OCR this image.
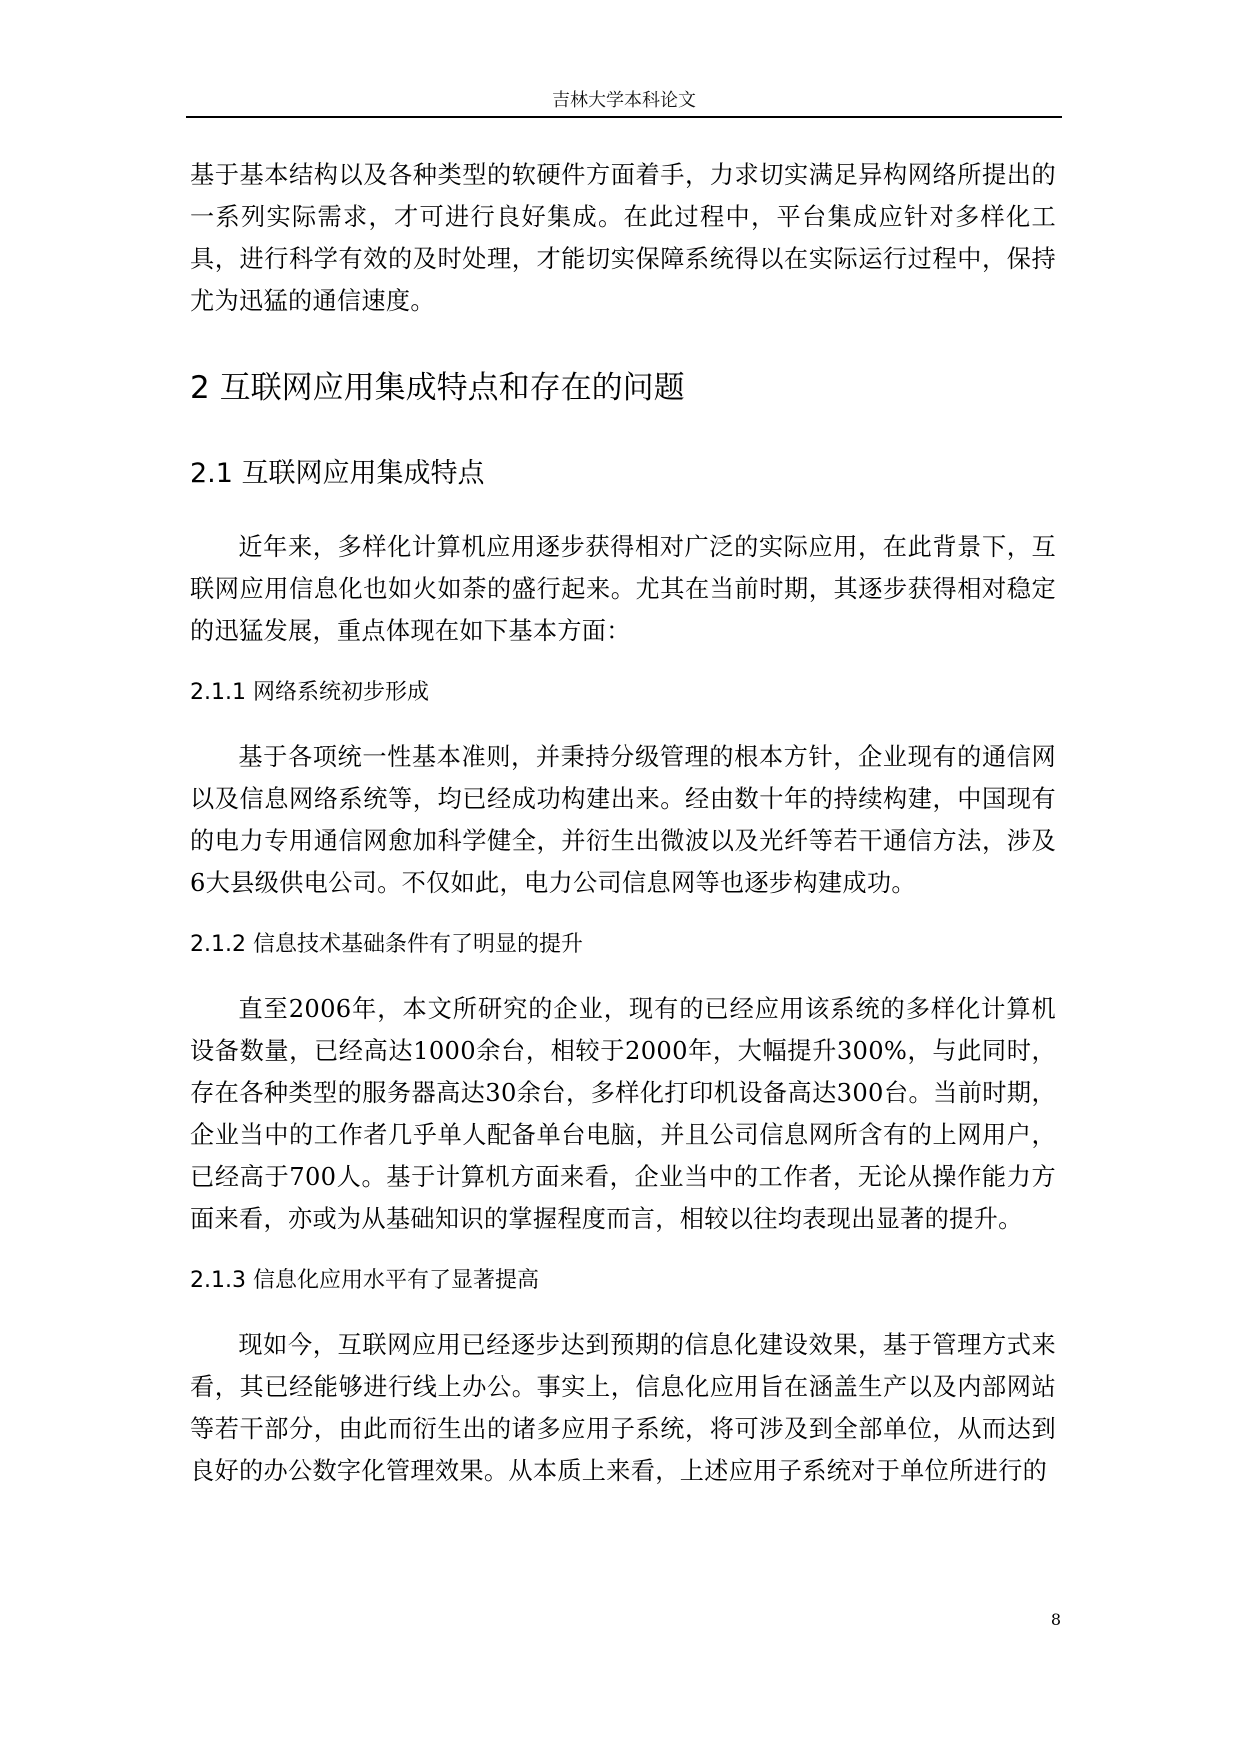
吉林大学本科论文

基于基本结构以及各种类型的软硬件方面着手，力求切实满足异构网络所提出的一系列实际需求，才可进行良好集成。在此过程中，平台集成应针对多样化工具，进行科学有效的及时处理，才能切实保障系统得以在实际运行过程中，保持尤为迅猛的通信速度。

2 互联网应用集成特点和存在的问题
2.1 互联网应用集成特点

近年来，多样化计算机应用逐步获得相对广泛的实际应用，在此背景下，互联网应用信息化也如火如荼的盛行起来。尤其在当前时期，其逐步获得相对稳定的迅猛发展，重点体现在如下基本方面：

2.1.1 网络系统初步形成

基于各项统一性基本准则，并秉持分级管理的根本方针，企业现有的通信网以及信息网络系统等，均已经成功构建出来。经由数十年的持续构建，中国现有的电力专用通信网愈加科学健全，并衍生出微波以及光纤等若干通信方法，涉及6大县级供电公司。不仅如此，电力公司信息网等也逐步构建成功。

2.1.2 信息技术基础条件有了明显的提升

直至2006年，本文所研究的企业，现有的已经应用该系统的多样化计算机设备数量，已经高达1000余台，相较于2000年，大幅提升300%，与此同时，存在各种类型的服务器高达30余台，多样化打印机设备高达300台。当前时期，企业当中的工作者几乎单人配备单台电脑，并且公司信息网所含有的上网用户，已经高于700人。基于计算机方面来看，企业当中的工作者，无论从操作能力方面来看，亦或为从基础知识的掌握程度而言，相较以往均表现出显著的提升。

2.1.3 信息化应用水平有了显著提高

现如今，互联网应用已经逐步达到预期的信息化建设效果，基于管理方式来看，其已经能够进行线上办公。事实上，信息化应用旨在涵盖生产以及内部网站等若干部分，由此而衍生出的诸多应用子系统，将可涉及到全部单位，从而达到良好的办公数字化管理效果。从本质上来看，上述应用子系统对于单位所进行的

8
